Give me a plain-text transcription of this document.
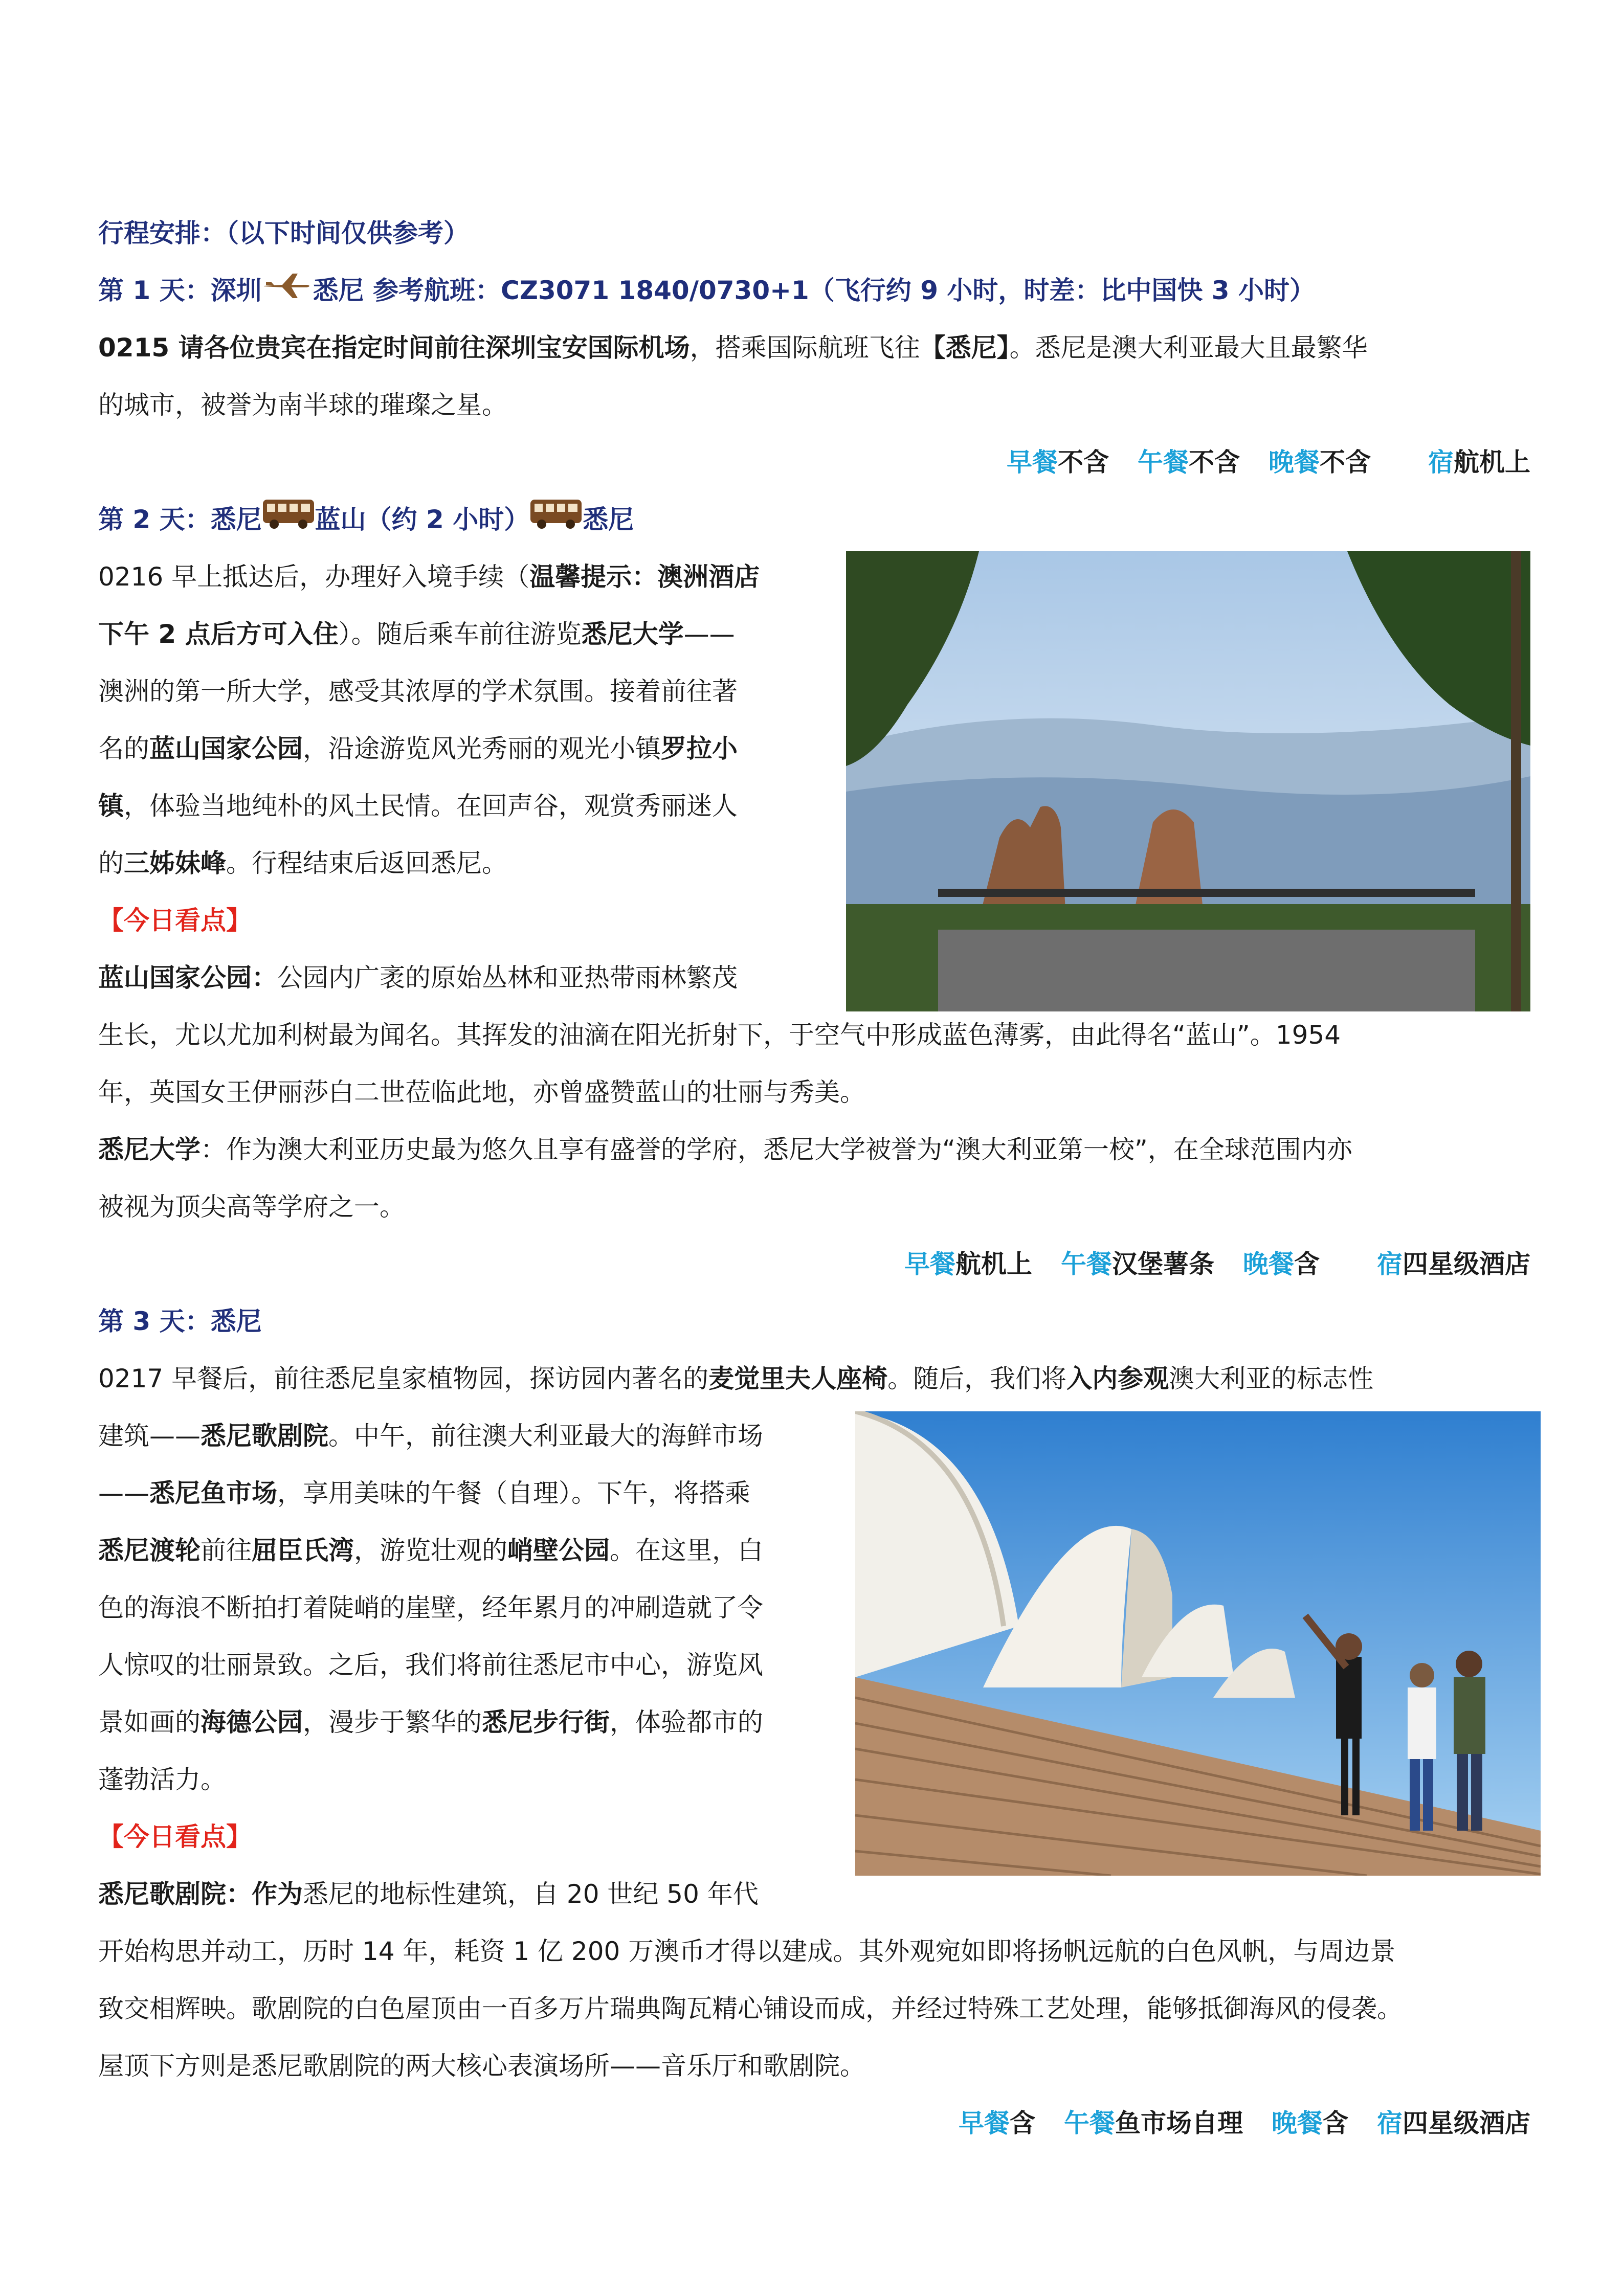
行程安排：（以下时间仅供参考）
第 1 天：深圳 悉尼 参考航班：CZ3071 1840/0730+1（飞行约 9 小时，时差：比中国快 3 小时）

0215 请各位贵宾在指定时间前往深圳宝安国际机场，搭乘国际航班飞往【悉尼】。悉尼是澳大利亚最大且最繁华

的城市，被誉为南半球的璀璨之星。

早餐不含 午餐不含 晚餐不含 宿航机上
第 2 天：悉尼 蓝山（约 2 小时） 悉尼

0216 早上抵达后，办理好入境手续（温馨提示：澳洲酒店

下午 2 点后方可入住）。随后乘车前往游览悉尼大学——

澳洲的第一所大学，感受其浓厚的学术氛围。接着前往著

名的蓝山国家公园，沿途游览风光秀丽的观光小镇罗拉小

镇，体验当地纯朴的风土民情。在回声谷，观赏秀丽迷人

的三姊妹峰。行程结束后返回悉尼。

【今日看点】

蓝山国家公园：公园内广袤的原始丛林和亚热带雨林繁茂

生长，尤以尤加利树最为闻名。其挥发的油滴在阳光折射下，于空气中形成蓝色薄雾，由此得名“蓝山”。1954

年，英国女王伊丽莎白二世莅临此地，亦曾盛赞蓝山的壮丽与秀美。

悉尼大学：作为澳大利亚历史最为悠久且享有盛誉的学府，悉尼大学被誉为“澳大利亚第一校”，在全球范围内亦

被视为顶尖高等学府之一。

早餐航机上 午餐汉堡薯条 晚餐含 宿四星级酒店
第 3 天：悉尼

0217 早餐后，前往悉尼皇家植物园，探访园内著名的麦觉里夫人座椅。随后，我们将入内参观澳大利亚的标志性

建筑——悉尼歌剧院。中午，前往澳大利亚最大的海鲜市场

——悉尼鱼市场，享用美味的午餐（自理）。下午，将搭乘

悉尼渡轮前往屈臣氏湾，游览壮观的峭壁公园。在这里，白

色的海浪不断拍打着陡峭的崖壁，经年累月的冲刷造就了令

人惊叹的壮丽景致。之后，我们将前往悉尼市中心，游览风

景如画的海德公园，漫步于繁华的悉尼步行街，体验都市的

蓬勃活力。

【今日看点】

悉尼歌剧院：作为悉尼的地标性建筑，自 20 世纪 50 年代

开始构思并动工，历时 14 年，耗资 1 亿 200 万澳币才得以建成。其外观宛如即将扬帆远航的白色风帆，与周边景

致交相辉映。歌剧院的白色屋顶由一百多万片瑞典陶瓦精心铺设而成，并经过特殊工艺处理，能够抵御海风的侵袭。

屋顶下方则是悉尼歌剧院的两大核心表演场所——音乐厅和歌剧院。

早餐含 午餐鱼市场自理 晚餐含 宿四星级酒店
